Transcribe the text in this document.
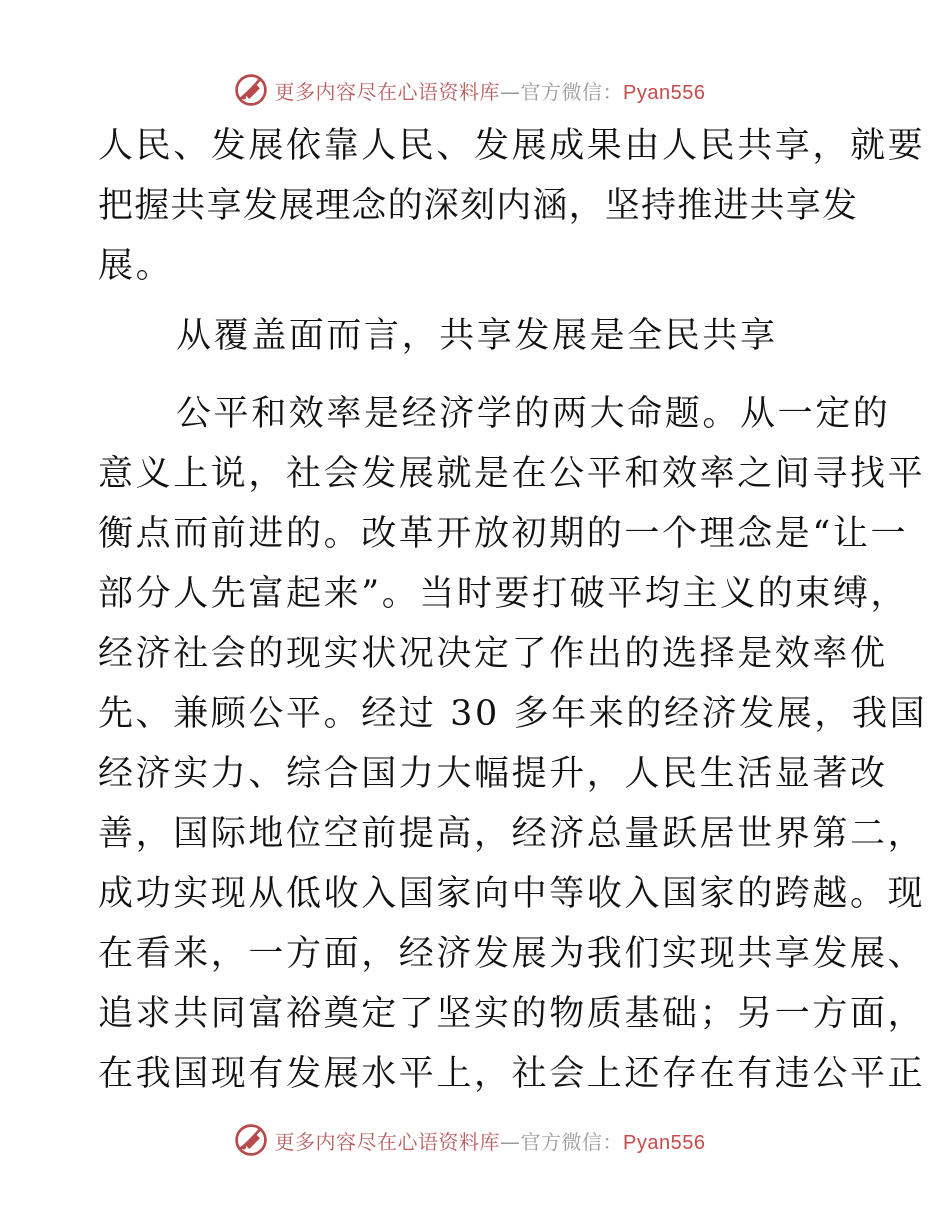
更多内容尽在心语资料库—官方微信：Pyan556
人民、发展依靠人民、发展成果由人民共享，就要
把握共享发展理念的深刻内涵，坚持推进共享发
展。
从覆盖面而言，共享发展是全民共享
公平和效率是经济学的两大命题。从一定的
意义上说，社会发展就是在公平和效率之间寻找平
衡点而前进的。改革开放初期的一个理念是“让一
部分人先富起来”。当时要打破平均主义的束缚，
经济社会的现实状况决定了作出的选择是效率优
先、兼顾公平。经过 30 多年来的经济发展，我国
经济实力、综合国力大幅提升，人民生活显著改
善，国际地位空前提高，经济总量跃居世界第二，
成功实现从低收入国家向中等收入国家的跨越。现
在看来，一方面，经济发展为我们实现共享发展、
追求共同富裕奠定了坚实的物质基础；另一方面，
在我国现有发展水平上，社会上还存在有违公平正
更多内容尽在心语资料库—官方微信：Pyan556
